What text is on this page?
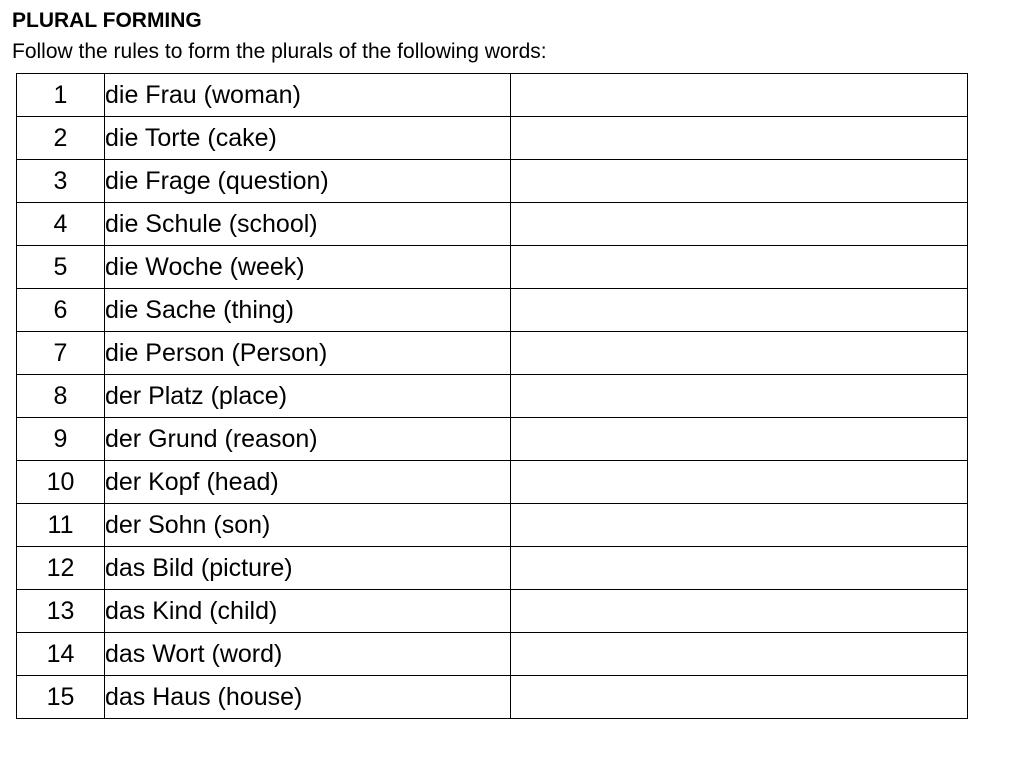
PLURAL FORMING
Follow the rules to form the plurals of the following words:
1	die Frau (woman)	
2	die Torte (cake)	
3	die Frage (question)	
4	die Schule (school)	
5	die Woche (week)	
6	die Sache (thing)	
7	die Person (Person)	
8	der Platz (place)	
9	der Grund (reason)	
10	der Kopf (head)	
11	der Sohn (son)	
12	das Bild (picture)	
13	das Kind (child)	
14	das Wort (word)	
15	das Haus (house)	
